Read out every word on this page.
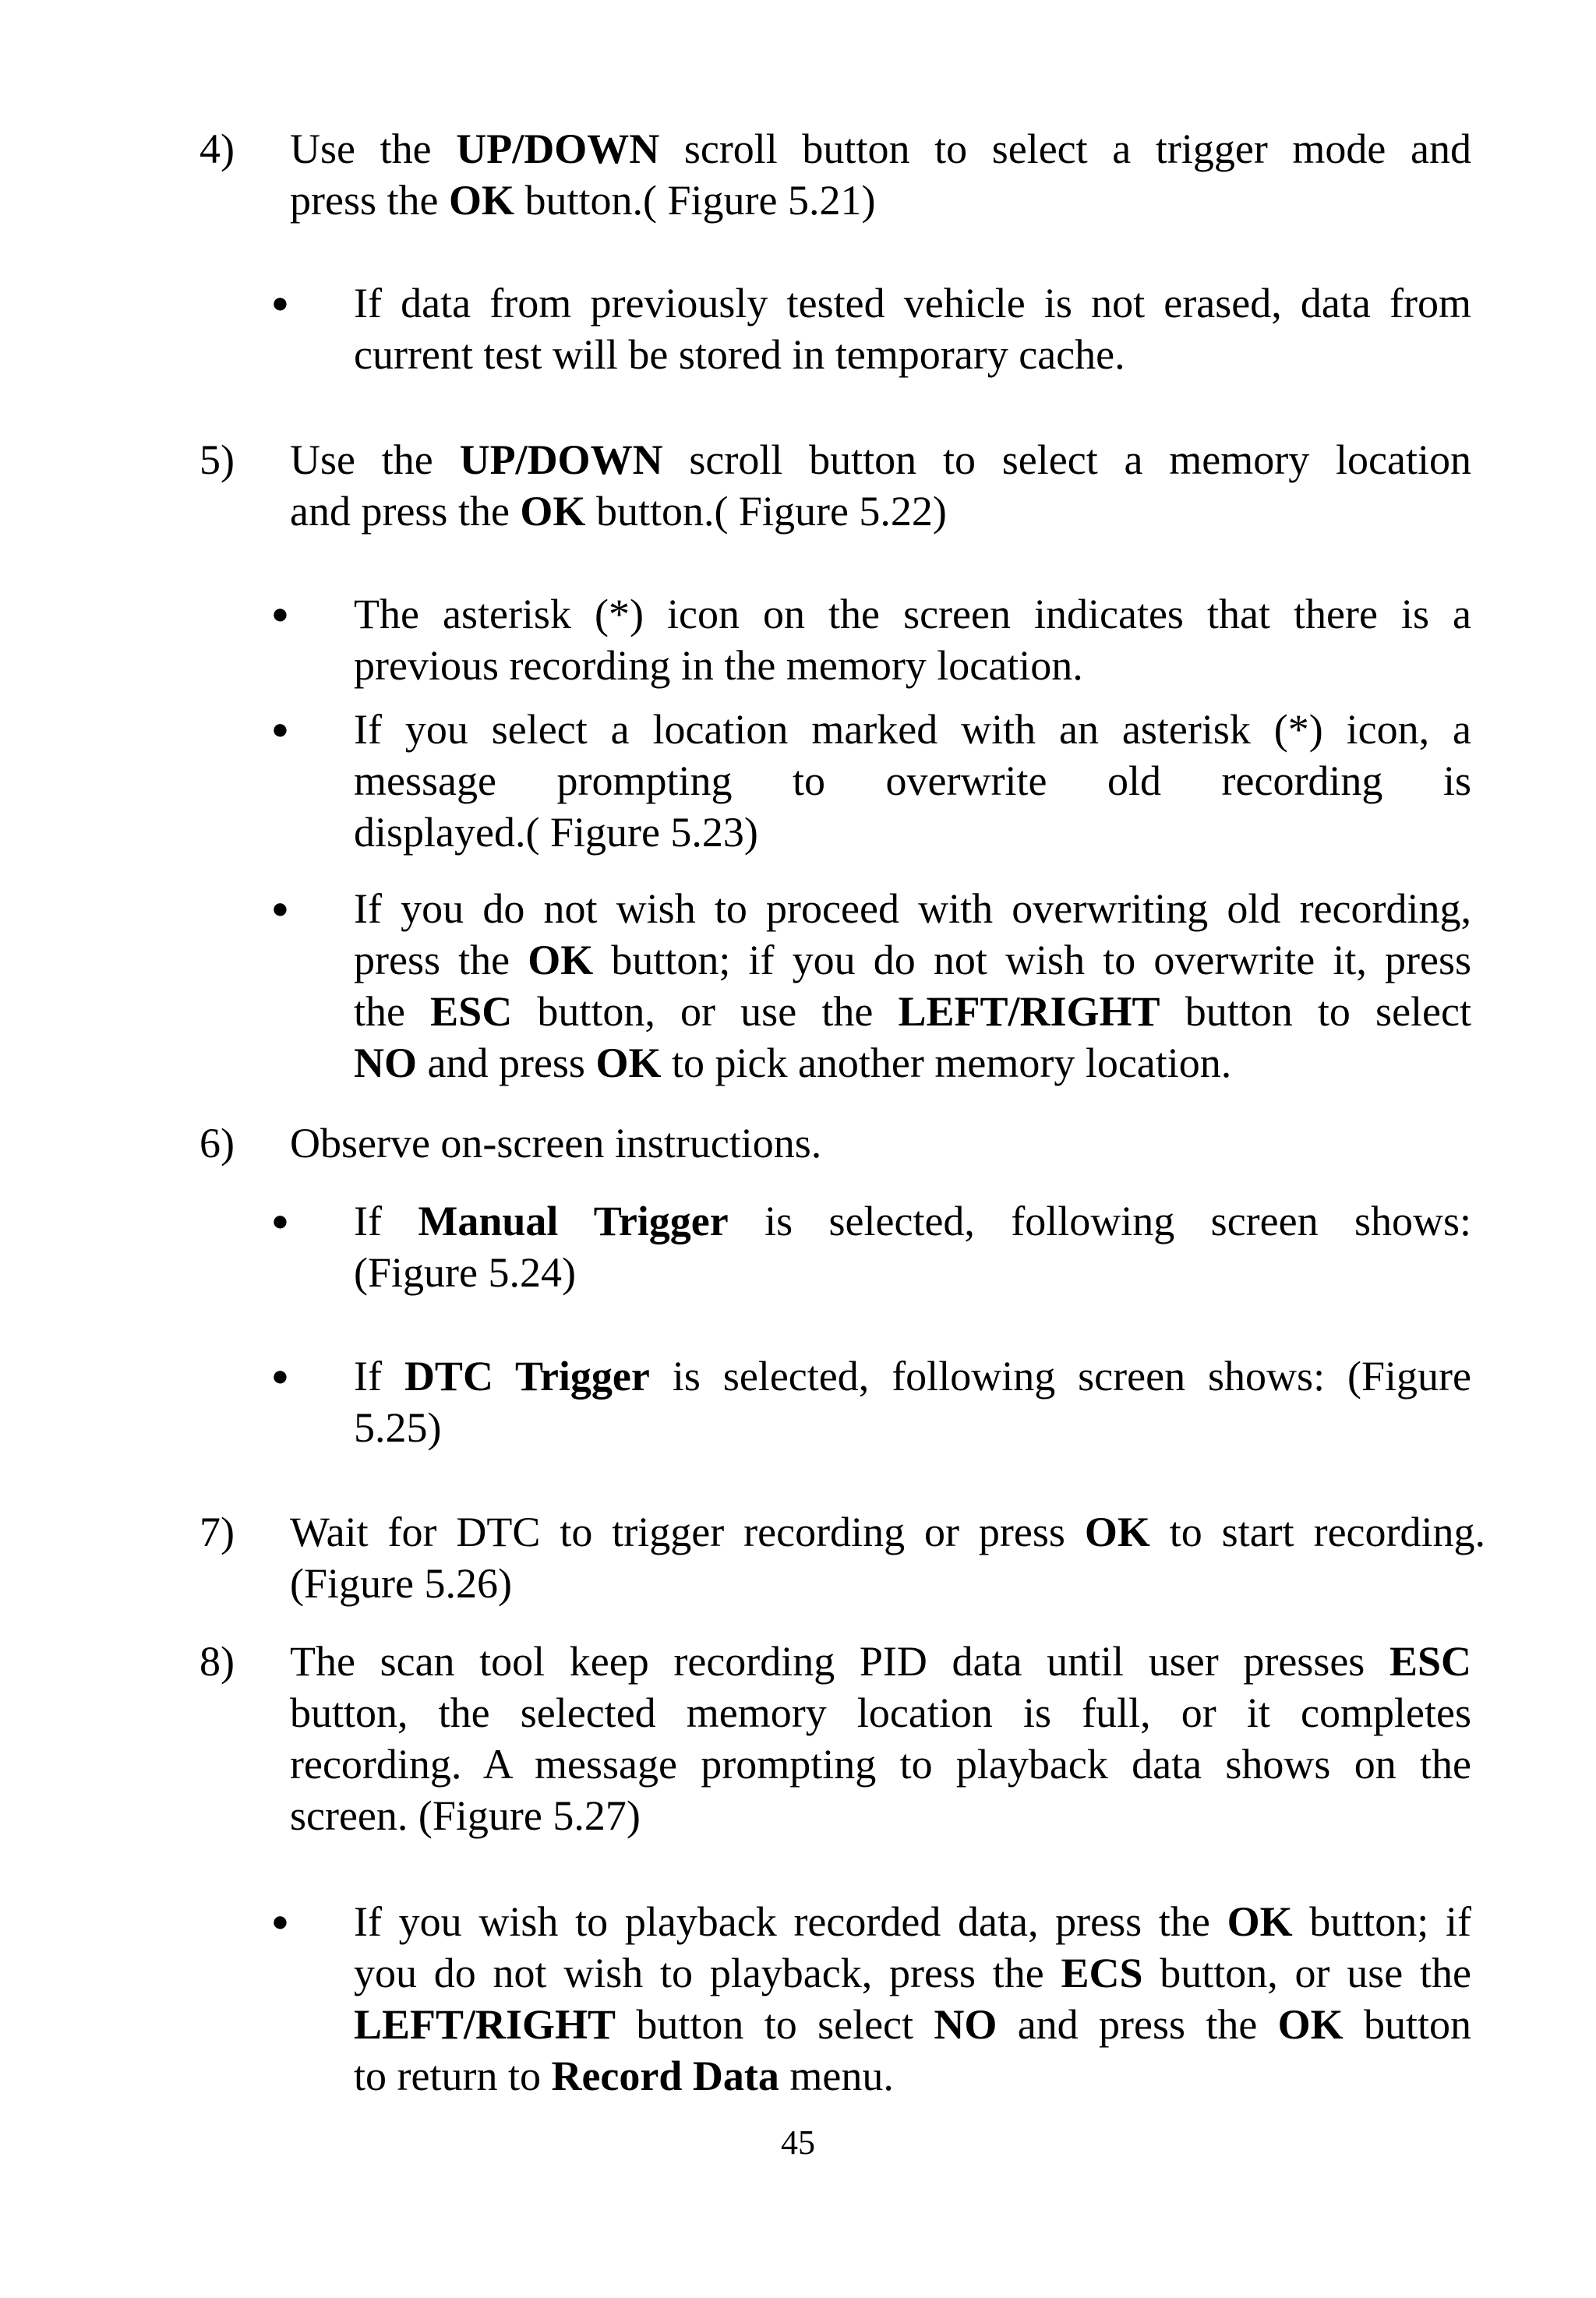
4)	Use the UP/DOWN scroll button to select a trigger mode and
press the OK button.( Figure 5.21)
● If data from previously tested vehicle is not erased, data from
current test will be stored in temporary cache.
5)	Use the UP/DOWN scroll button to select a memory location
and press the OK button.( Figure 5.22)
● The asterisk (*) icon on the screen indicates that there is a
previous recording in the memory location.
● If you select a location marked with an asterisk (*) icon, a
message prompting to overwrite old recording is
displayed.( Figure 5.23)
● If you do not wish to proceed with overwriting old recording,
press the OK button; if you do not wish to overwrite it, press
the ESC button, or use the LEFT/RIGHT button to select
NO and press OK to pick another memory location.
6)	Observe on-screen instructions.
● If Manual Trigger is selected, following screen shows:
(Figure 5.24)
● If DTC Trigger is selected, following screen shows: (Figure
5.25)
7)	Wait for DTC to trigger recording or press OK to start recording.
(Figure 5.26)
8)	The scan tool keep recording PID data until user presses ESC
button, the selected memory location is full, or it completes
recording. A message prompting to playback data shows on the
screen. (Figure 5.27)
● If you wish to playback recorded data, press the OK button; if
you do not wish to playback, press the ECS button, or use the
LEFT/RIGHT button to select NO and press the OK button
to return to Record Data menu.
45
